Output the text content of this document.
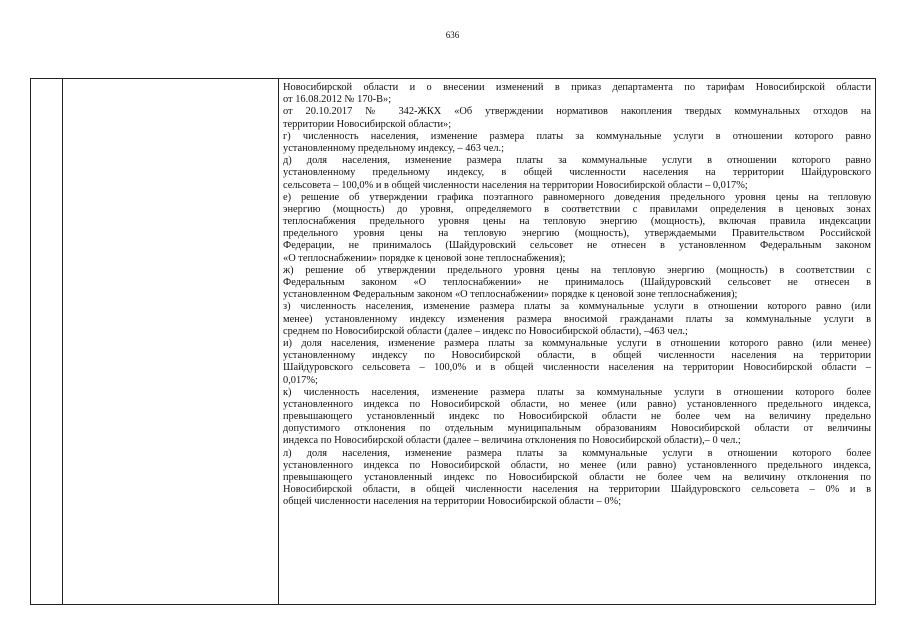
636
Новосибирской области и о внесении изменений в приказ департамента по тарифам Новосибирской области
от 16.08.2012 № 170-В»;
от 20.10.2017 № 342-ЖКХ «Об утверждении нормативов накопления твердых коммунальных отходов на
территории Новосибирской области»;
г) численность населения, изменение размера платы за коммунальные услуги в отношении которого равно
установленному предельному индексу, – 463 чел.;
д) доля населения, изменение размера платы за коммунальные услуги в отношении которого равно
установленному предельному индексу, в общей численности населения на территории Шайдуровского
сельсовета – 100,0% и в общей численности населения на территории Новосибирской области – 0,017%;
е) решение об утверждении графика поэтапного равномерного доведения предельного уровня цены на тепловую
энергию (мощность) до уровня, определяемого в соответствии с правилами определения в ценовых зонах
теплоснабжения предельного уровня цены на тепловую энергию (мощность), включая правила индексации
предельного уровня цены на тепловую энергию (мощность), утверждаемыми Правительством Российской
Федерации, не принималось (Шайдуровский сельсовет не отнесен в установленном Федеральным законом
«О теплоснабжении» порядке к ценовой зоне теплоснабжения);
ж) решение об утверждении предельного уровня цены на тепловую энергию (мощность) в соответствии с
Федеральным законом «О теплоснабжении» не принималось (Шайдуровский сельсовет не отнесен в
установленном Федеральным законом «О теплоснабжении» порядке к ценовой зоне теплоснабжения);
з) численность населения, изменение размера платы за коммунальные услуги в отношении которого равно (или
менее) установленному индексу изменения размера вносимой гражданами платы за коммунальные услуги в
среднем по Новосибирской области (далее – индекс по Новосибирской области), –463 чел.;
и) доля населения, изменение размера платы за коммунальные услуги в отношении которого равно (или менее)
установленному индексу по Новосибирской области, в общей численности населения на территории
Шайдуровского сельсовета – 100,0% и в общей численности населения на территории Новосибирской области –
0,017%;
к) численность населения, изменение размера платы за коммунальные услуги в отношении которого более
установленного индекса по Новосибирской области, но менее (или равно) установленного предельного индекса,
превышающего установленный индекс по Новосибирской области не более чем на величину предельно
допустимого отклонения по отдельным муниципальным образованиям Новосибирской области от величины
индекса по Новосибирской области (далее – величина отклонения по Новосибирской области),– 0 чел.;
л) доля населения, изменение размера платы за коммунальные услуги в отношении которого более
установленного индекса по Новосибирской области, но менее (или равно) установленного предельного индекса,
превышающего установленный индекс по Новосибирской области не более чем на величину отклонения по
Новосибирской области, в общей численности населения на территории Шайдуровского сельсовета – 0% и в
общей численности населения на территории Новосибирской области – 0%;
